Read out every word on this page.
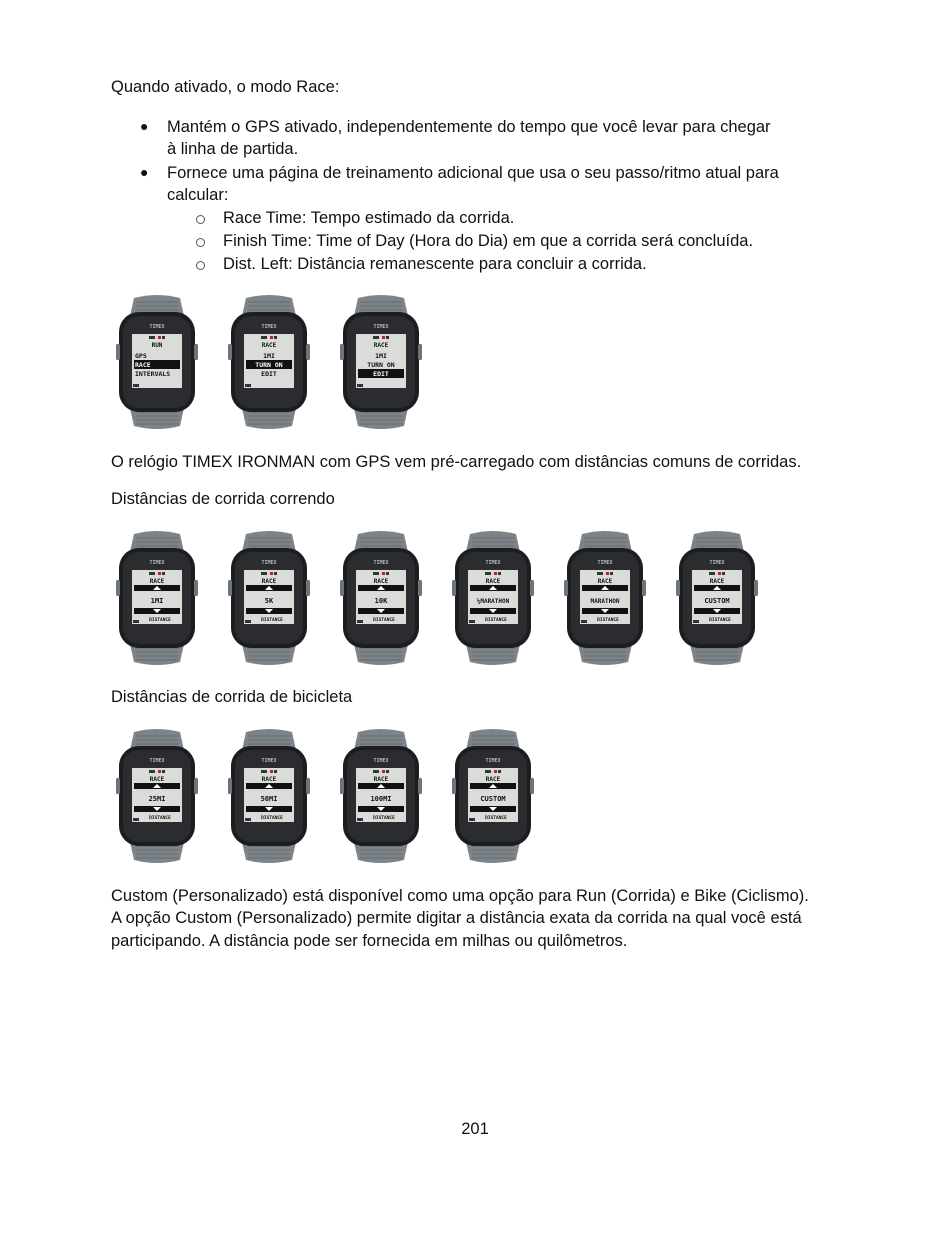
Quando ativado, o modo Race:
● Mantém o GPS ativado, independentemente do tempo que você levar para chegar
à linha de partida.
● Fornece uma página de treinamento adicional que usa o seu passo/ritmo atual para
calcular:
Race Time: Tempo estimado da corrida.
Finish Time: Time of Day (Hora do Dia) em que a corrida será concluída.
Dist. Left: Distância remanescente para concluir a corrida.
TIMEX
RUN
GPS
RACE
INTERVALS
TIMEX
RACE
1MI
TURN ON
EDIT
TIMEX
RACE
1MI
TURN ON
EDIT
O relógio TIMEX IRONMAN com GPS vem pré-carregado com distâncias comuns de corridas.
Distâncias de corrida correndo
TIMEX
RACE
1MI
DISTANCE
TIMEX
RACE
5K
DISTANCE
TIMEX
RACE
10K
DISTANCE
TIMEX
RACE
½MARATHON
DISTANCE
TIMEX
RACE
MARATHON
DISTANCE
TIMEX
RACE
CUSTOM
DISTANCE
Distâncias de corrida de bicicleta
TIMEX
RACE
25MI
DISTANCE
TIMEX
RACE
50MI
DISTANCE
TIMEX
RACE
100MI
DISTANCE
TIMEX
RACE
CUSTOM
DISTANCE
Custom (Personalizado) está disponível como uma opção para Run (Corrida) e Bike (Ciclismo).
A opção Custom (Personalizado) permite digitar a distância exata da corrida na qual você está
participando. A distância pode ser fornecida em milhas ou quilômetros.
201
